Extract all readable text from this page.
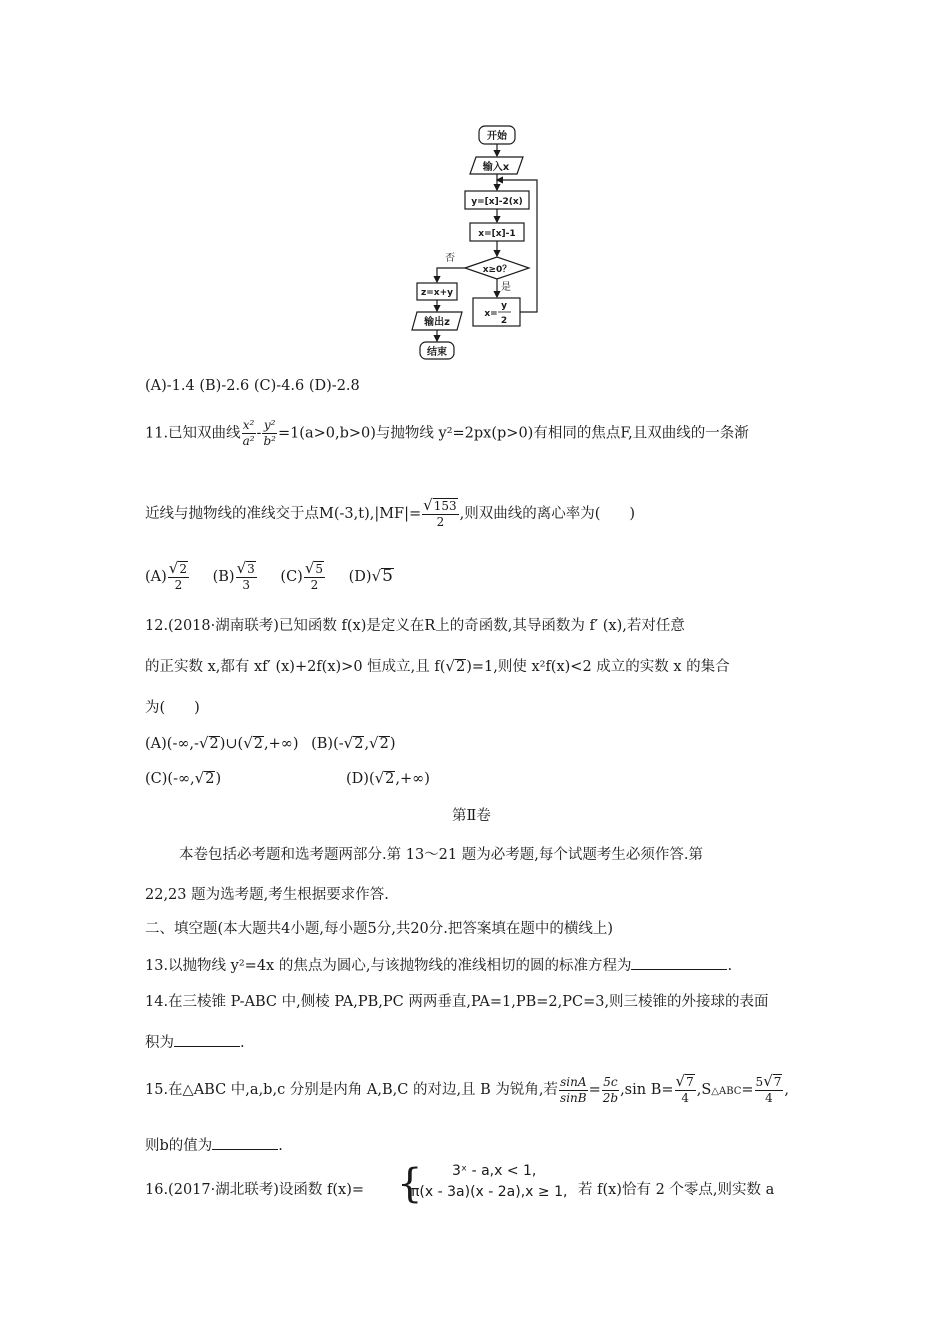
开始
输入x
y=[x]-2(x)
x=[x]-1
x≥0？
否
是
z=x+y
输出z
结束
x=
y
2
(A)-1.4 (B)-2.6 (C)-4.6 (D)-2.8
11.已知双曲线 $\frac{\text{x²}}{\text{a²}} - \frac{\text{y²}}{\text{b²}} =1(a>0,b>0)$与抛物线 y²=2px(p>0)有相同的焦点F,且双曲线的一条渐
近线与抛物线的准线交于点$M(-3,t),|MF|= \frac{√153}{2}$ ,则双曲线的离心率为(　　)
$(A) \frac{√2}{2} (B) \frac{√3}{3} (C) \frac{√5}{2} (D)√5$
12.(2018·湖南联考)已知函数 f(x)是定义在R上的奇函数,其导函数为 f′ (x),若对任意
的正实数 x,都有 xf′ (x)+2f(x)>0 恒成立,且 f(√2)=1,则使 x²f(x)<2 成立的实数 x 的集合
为(　　)
(A)(-∞,-√2)∪(√2,+∞) (B)(-√2,√2)
(C)(-∞,√2)	(D)(√2,+∞)
第Ⅱ卷
本卷包括必考题和选考题两部分.第 13～21 题为必考题,每个试题考生必须作答.第
22,23 题为选考题,考生根据要求作答.
二、填空题(本大题共4小题,每小题5分,共20分.把答案填在题中的横线上)
13.以抛物线 y²=4x 的焦点为圆心,与该抛物线的准线相切的圆的标准方程为	.
14.在三棱锥 P-ABC 中,侧棱 PA,PB,PC 两两垂直,PA=1,PB=2,PC=3,则三棱锥的外接球的表面
积为	.
15.在△ABC 中,a,b,c 分别是内角 A,B,C 的对边,且 B 为锐角,若 $\frac{\sin A}{\sin B} = \frac{5c}{2b} ,\sin$ $B= \frac{√7}{4}$ ,S△ABC= $\frac{5√7}{4}$ ,
则b的值为	.
16.(2017·湖北联考)设函数 f(x)= { 3ˣ - a,x < 1,
π(x - 3a)(x - 2a),x ≥ 1, 若 f(x)恰有 2 个零点,则实数 a
